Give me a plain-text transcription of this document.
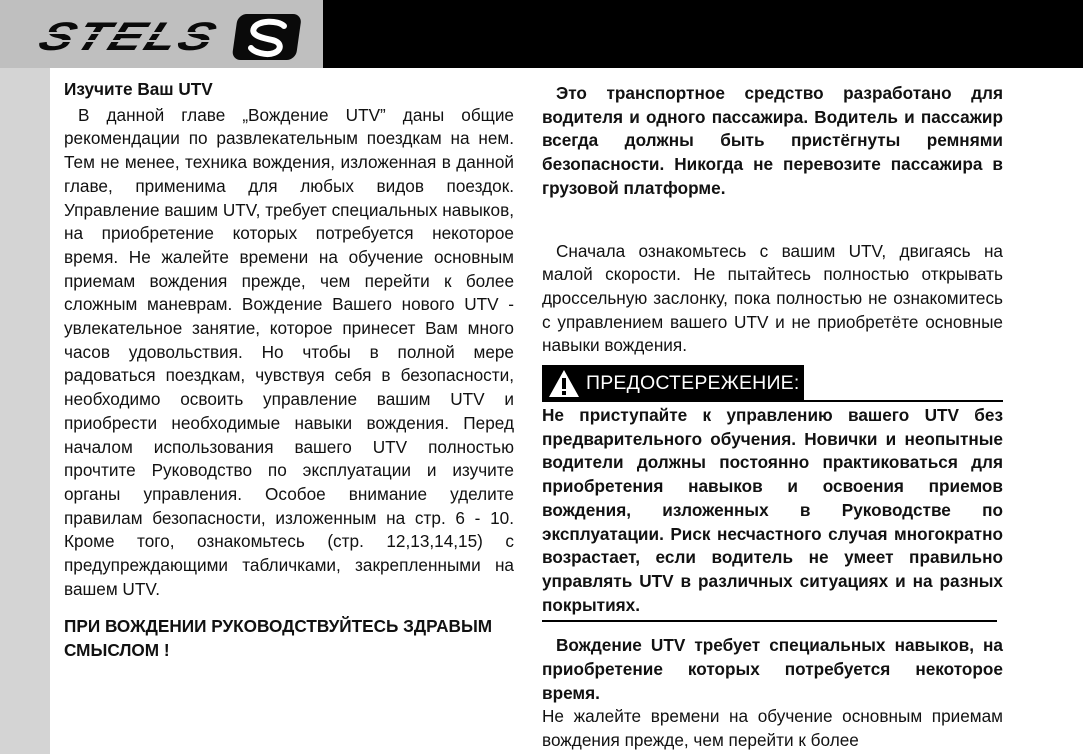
STELS

Изучите Ваш UTV

В данной главе „Вождение UTV” даны общие рекомендации по развлекательным поездкам на нем. Тем не менее, техника вождения, изложенная в данной главе, применима для любых видов поездок. Управление вашим UTV, требует специальных навыков, на приобретение которых потребуется некоторое время. Не жалейте времени на обучение основным приемам вождения прежде, чем перейти к более сложным маневрам. Вождение Вашего нового UTV - увлекательное занятие, которое принесет Вам много часов удовольствия. Но чтобы в полной мере радоваться поездкам, чувствуя себя в безопасности, необходимо освоить управление вашим UTV и приобрести необходимые навыки вождения. Перед началом использования вашего UTV полностью прочтите Руководство по эксплуатации и изучите органы управления. Особое внимание уделите правилам безопасности, изложенным на стр. 6 - 10. Кроме того, ознакомьтесь (стр. 12,13,14,15) с предупреждающими табличками, закрепленными на вашем UTV.

ПРИ ВОЖДЕНИИ РУКОВОДСТВУЙТЕСЬ ЗДРАВЫМ СМЫСЛОМ !

Это транспортное средство разработано для водителя и одного пассажира. Водитель и пассажир всегда должны быть пристёгнуты ремнями безопасности. Никогда не перевозите пассажира в грузовой платформе.

Сначала ознакомьтесь с вашим UTV, двигаясь на малой скорости. Не пытайтесь полностью открывать дроссельную заслонку, пока полностью не ознакомитесь с управлением вашего UTV и не приобретёте основные навыки вождения.

ПРЕДОСТЕРЕЖЕНИЕ:

Не приступайте к управлению вашего UTV без предварительного обучения. Новички и неопытные водители должны постоянно практиковаться для приобретения навыков и освоения приемов вождения, изложенных в Руководстве по эксплуатации. Риск несчастного случая многократно возрастает, если водитель не умеет правильно управлять UTV в различных ситуациях и на разных покрытиях.

Вождение UTV требует специальных навыков, на приобретение которых потребуется некоторое время.

Не жалейте времени на обучение основным приемам вождения прежде, чем перейти к более
